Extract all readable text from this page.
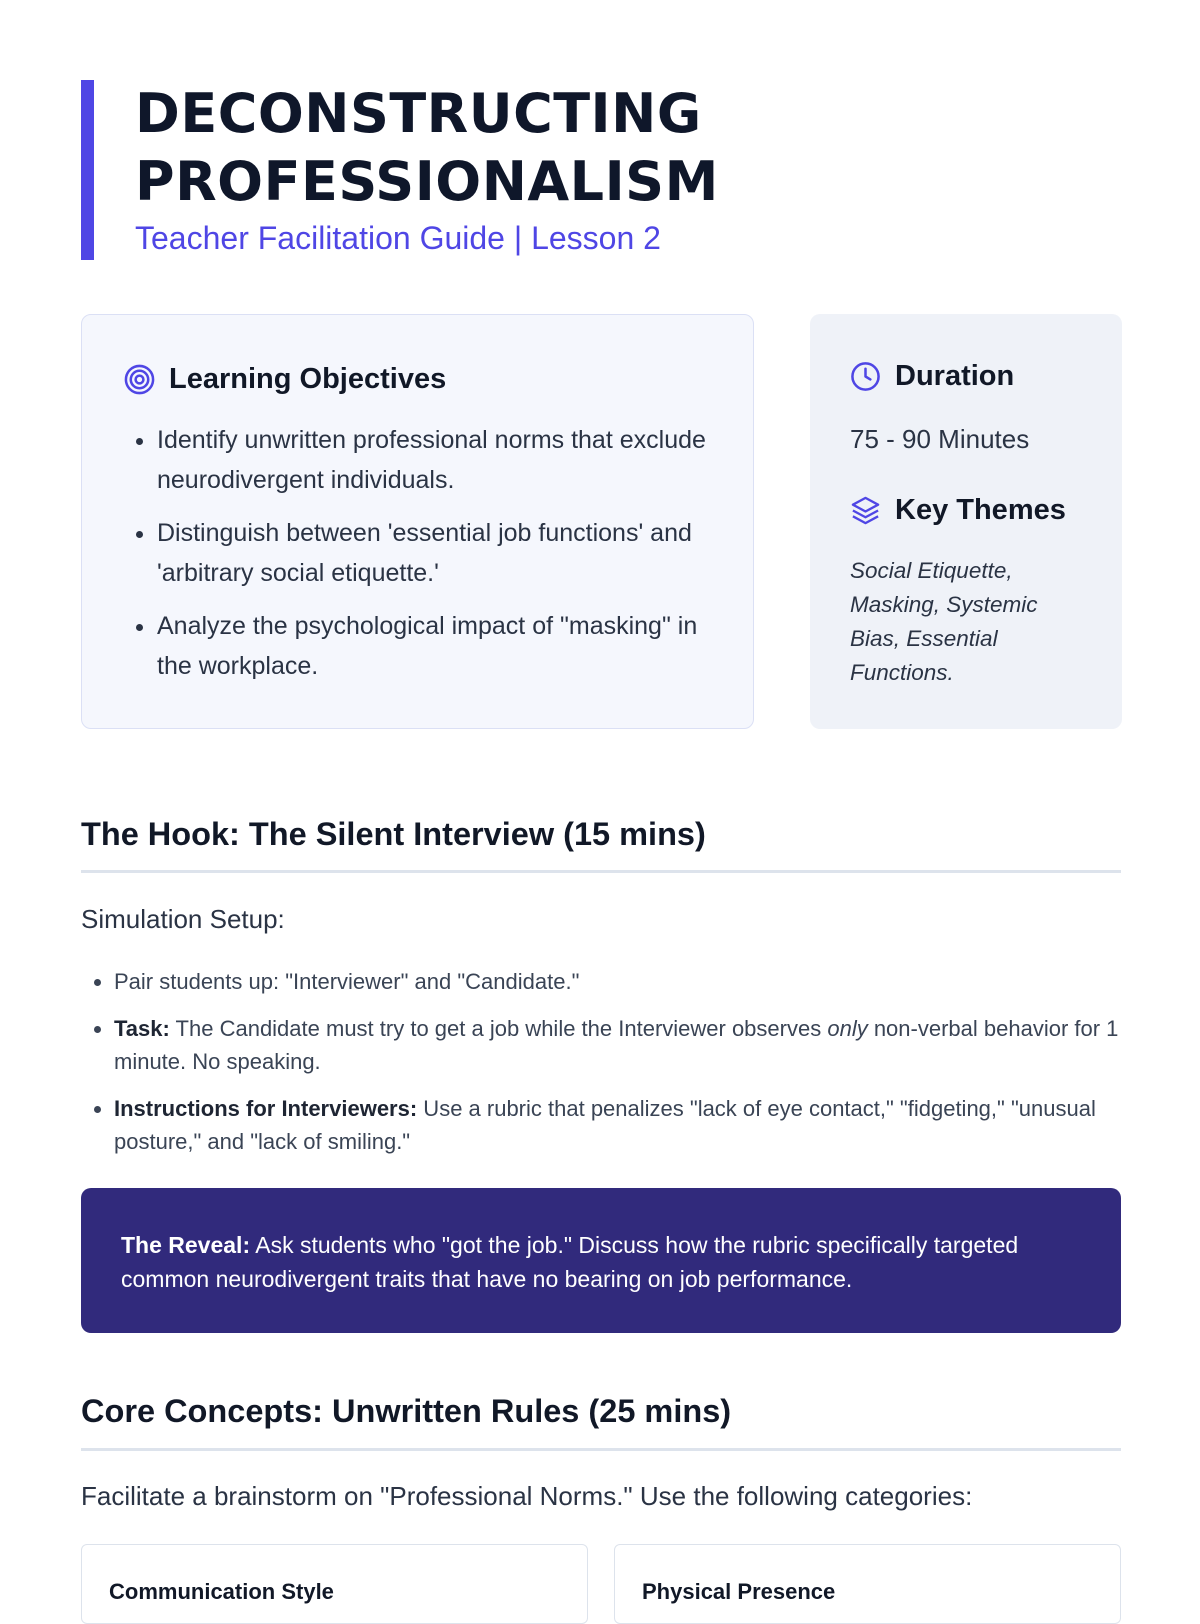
DECONSTRUCTING
PROFESSIONALISM
Teacher Facilitation Guide | Lesson 2
Learning Objectives
• Identify unwritten professional norms that exclude neurodivergent individuals.
• Distinguish between 'essential job functions' and 'arbitrary social etiquette.'
• Analyze the psychological impact of "masking" in the workplace.
Duration
75 - 90 Minutes
Key Themes
Social Etiquette, Masking, Systemic Bias, Essential Functions.
The Hook: The Silent Interview (15 mins)
Simulation Setup:
• Pair students up: "Interviewer" and "Candidate."
• Task: The Candidate must try to get a job while the Interviewer observes only non-verbal behavior for 1 minute. No speaking.
• Instructions for Interviewers: Use a rubric that penalizes "lack of eye contact," "fidgeting," "unusual posture," and "lack of smiling."
The Reveal: Ask students who "got the job." Discuss how the rubric specifically targeted common neurodivergent traits that have no bearing on job performance.
Core Concepts: Unwritten Rules (25 mins)
Facilitate a brainstorm on "Professional Norms." Use the following categories:
Communication Style	Physical Presence
